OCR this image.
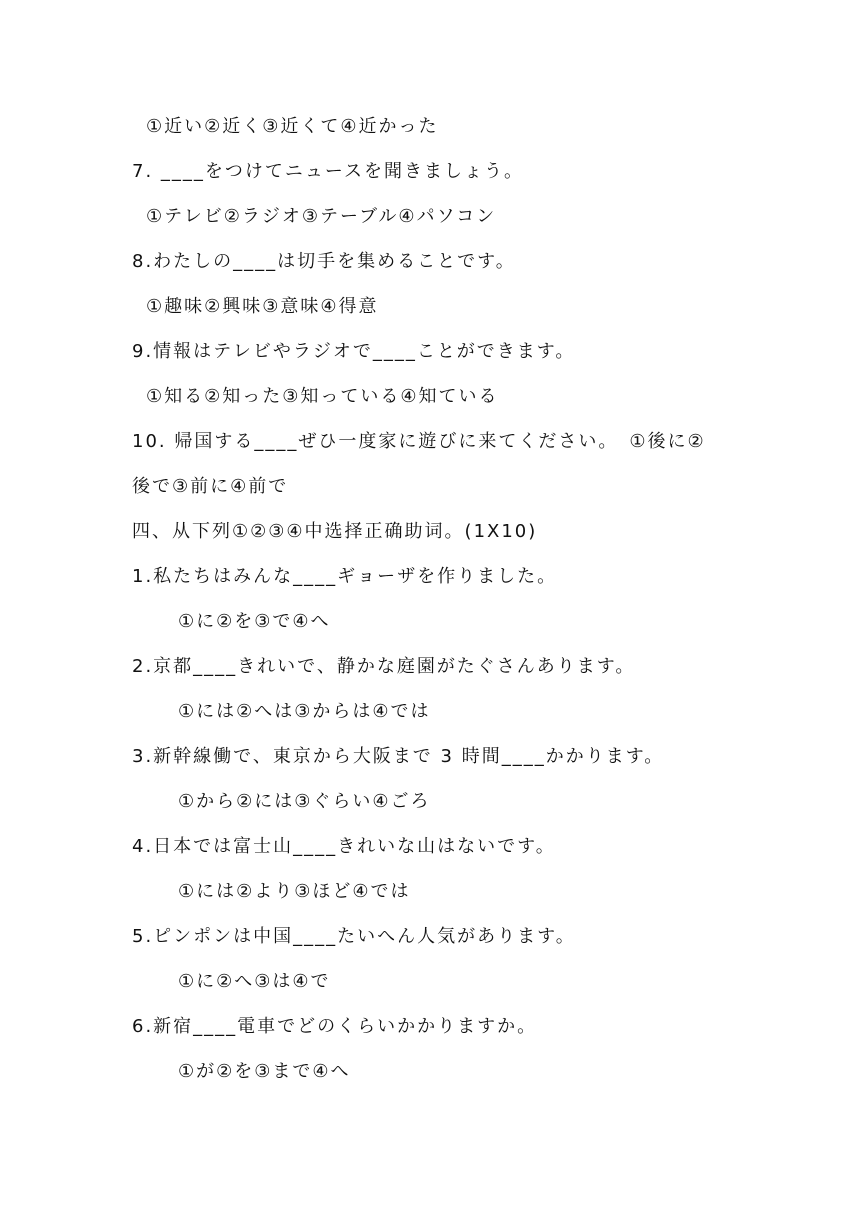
①近い②近く③近くて④近かった
7. ____をつけてニュースを聞きましょう。
①テレビ②ラジオ③テーブル④パソコン
8.わたしの____は切手を集めることです。
①趣味②興味③意味④得意
9.情報はテレビやラジオで____ことができます。
①知る②知った③知っている④知ている
10. 帰国する____ぜひ一度家に遊びに来てください。　①後に②
後で③前に④前で
四、从下列①②③④中选择正确助词。(1X10)
1.私たちはみんな____ギョーザを作りました。
①に②を③で④へ
2.京都____きれいで、静かな庭園がたぐさんあります。
①には②へは③からは④では
3.新幹線働で、東京から大阪まで 3 時間____かかります。
①から②には③ぐらい④ごろ
4.日本では富士山____きれいな山はないです。
①には②より③ほど④では
5.ピンポンは中国____たいへん人気があります。
①に②へ③は④で
6.新宿____電車でどのくらいかかりますか。
①が②を③まで④へ
